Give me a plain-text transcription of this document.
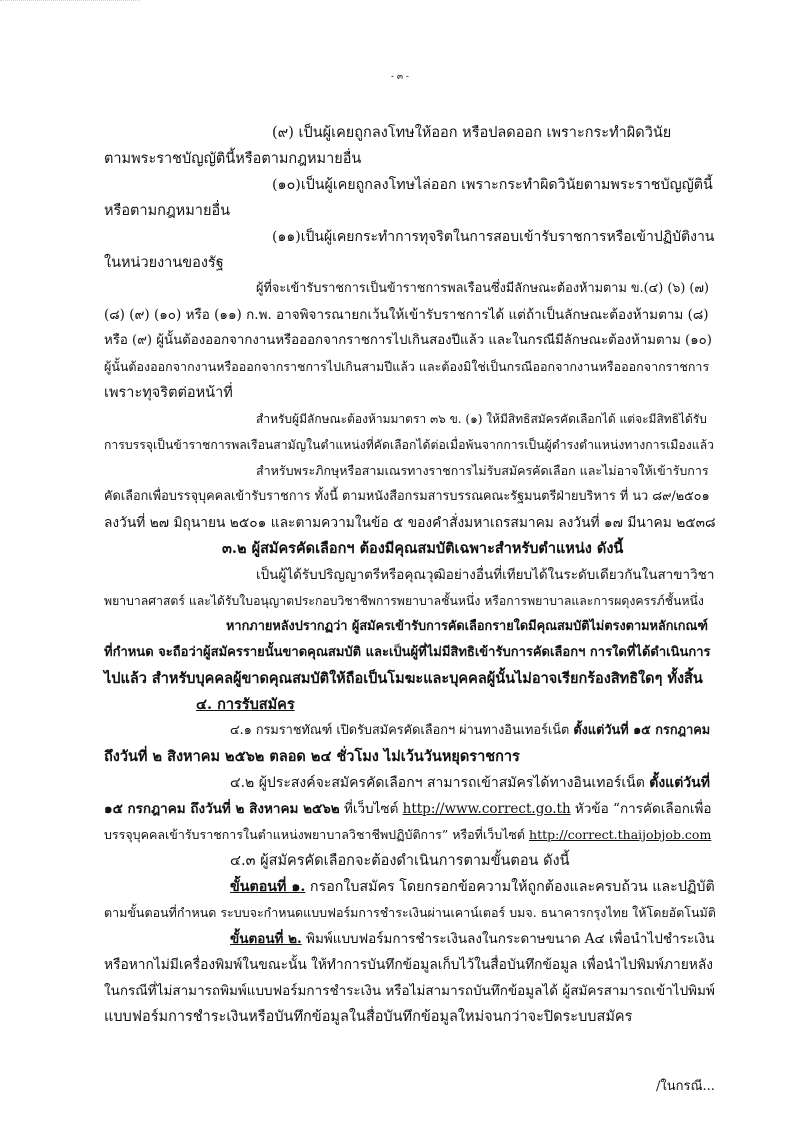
- ๓ -
(๙) เป็นผู้เคยถูกลงโทษให้ออก หรือปลดออก เพราะกระทำผิดวินัย
ตามพระราชบัญญัตินี้หรือตามกฎหมายอื่น
(๑๐)เป็นผู้เคยถูกลงโทษไล่ออก เพราะกระทำผิดวินัยตามพระราชบัญญัตินี้
หรือตามกฎหมายอื่น
(๑๑)เป็นผู้เคยกระทำการทุจริตในการสอบเข้ารับราชการหรือเข้าปฏิบัติงาน
ในหน่วยงานของรัฐ
ผู้ที่จะเข้ารับราชการเป็นข้าราชการพลเรือนซึ่งมีลักษณะต้องห้ามตาม ข.(๔) (๖) (๗)
(๘) (๙) (๑๐) หรือ (๑๑) ก.พ. อาจพิจารณายกเว้นให้เข้ารับราชการได้ แต่ถ้าเป็นลักษณะต้องห้ามตาม (๘)
หรือ (๙) ผู้นั้นต้องออกจากงานหรือออกจากราชการไปเกินสองปีแล้ว และในกรณีมีลักษณะต้องห้ามตาม (๑๐)
ผู้นั้นต้องออกจากงานหรือออกจากราชการไปเกินสามปีแล้ว และต้องมิใช่เป็นกรณีออกจากงานหรือออกจากราชการ
เพราะทุจริตต่อหน้าที่
สำหรับผู้มีลักษณะต้องห้ามมาตรา ๓๖ ข. (๑) ให้มีสิทธิสมัครคัดเลือกได้ แต่จะมีสิทธิได้รับ
การบรรจุเป็นข้าราชการพลเรือนสามัญในตำแหน่งที่คัดเลือกได้ต่อเมื่อพ้นจากการเป็นผู้ดำรงตำแหน่งทางการเมืองแล้ว
สำหรับพระภิกษุหรือสามเณรทางราชการไม่รับสมัครคัดเลือก และไม่อาจให้เข้ารับการ
คัดเลือกเพื่อบรรจุบุคคลเข้ารับราชการ ทั้งนี้ ตามหนังสือกรมสารบรรณคณะรัฐมนตรีฝ่ายบริหาร ที่ นว ๘๙/๒๕๐๑
ลงวันที่ ๒๗ มิถุนายน ๒๕๐๑ และตามความในข้อ ๕ ของคำสั่งมหาเถรสมาคม ลงวันที่ ๑๗ มีนาคม ๒๕๓๘
๓.๒ ผู้สมัครคัดเลือกฯ ต้องมีคุณสมบัติเฉพาะสำหรับตำแหน่ง ดังนี้
เป็นผู้ได้รับปริญญาตรีหรือคุณวุฒิอย่างอื่นที่เทียบได้ในระดับเดียวกันในสาขาวิชา
พยาบาลศาสตร์ และได้รับใบอนุญาตประกอบวิชาชีพการพยาบาลชั้นหนึ่ง หรือการพยาบาลและการผดุงครรภ์ชั้นหนึ่ง
หากภายหลังปรากฏว่า ผู้สมัครเข้ารับการคัดเลือกรายใดมีคุณสมบัติไม่ตรงตามหลักเกณฑ์
ที่กำหนด จะถือว่าผู้สมัครรายนั้นขาดคุณสมบัติ และเป็นผู้ที่ไม่มีสิทธิเข้ารับการคัดเลือกฯ การใดที่ได้ดำเนินการ
ไปแล้ว สำหรับบุคคลผู้ขาดคุณสมบัติให้ถือเป็นโมฆะและบุคคลผู้นั้นไม่อาจเรียกร้องสิทธิใดๆ ทั้งสิ้น
๔. การรับสมัคร
๔.๑ กรมราชทัณฑ์ เปิดรับสมัครคัดเลือกฯ ผ่านทางอินเทอร์เน็ต ตั้งแต่วันที่ ๑๕ กรกฎาคม
ถึงวันที่ ๒ สิงหาคม ๒๕๖๒ ตลอด ๒๔ ชั่วโมง ไม่เว้นวันหยุดราชการ
๔.๒ ผู้ประสงค์จะสมัครคัดเลือกฯ สามารถเข้าสมัครได้ทางอินเทอร์เน็ต ตั้งแต่วันที่
๑๕ กรกฎาคม ถึงวันที่ ๒ สิงหาคม ๒๕๖๒ ที่เว็บไซต์ http://www.correct.go.th หัวข้อ “การคัดเลือกเพื่อ
บรรจุบุคคลเข้ารับราชการในตำแหน่งพยาบาลวิชาชีพปฏิบัติการ” หรือที่เว็บไซต์ http://correct.thaijobjob.com
๔.๓ ผู้สมัครคัดเลือกจะต้องดำเนินการตามขั้นตอน ดังนี้
ขั้นตอนที่ ๑. กรอกใบสมัคร โดยกรอกข้อความให้ถูกต้องและครบถ้วน และปฏิบัติ
ตามขั้นตอนที่กำหนด ระบบจะกำหนดแบบฟอร์มการชำระเงินผ่านเคาน์เตอร์ บมจ. ธนาคารกรุงไทย ให้โดยอัตโนมัติ
ขั้นตอนที่ ๒. พิมพ์แบบฟอร์มการชำระเงินลงในกระดาษขนาด A๔ เพื่อนำไปชำระเงิน
หรือหากไม่มีเครื่องพิมพ์ในขณะนั้น ให้ทำการบันทึกข้อมูลเก็บไว้ในสื่อบันทึกข้อมูล เพื่อนำไปพิมพ์ภายหลัง
ในกรณีที่ไม่สามารถพิมพ์แบบฟอร์มการชำระเงิน หรือไม่สามารถบันทึกข้อมูลได้ ผู้สมัครสามารถเข้าไปพิมพ์
แบบฟอร์มการชำระเงินหรือบันทึกข้อมูลในสื่อบันทึกข้อมูลใหม่จนกว่าจะปิดระบบสมัคร
/ในกรณี...
